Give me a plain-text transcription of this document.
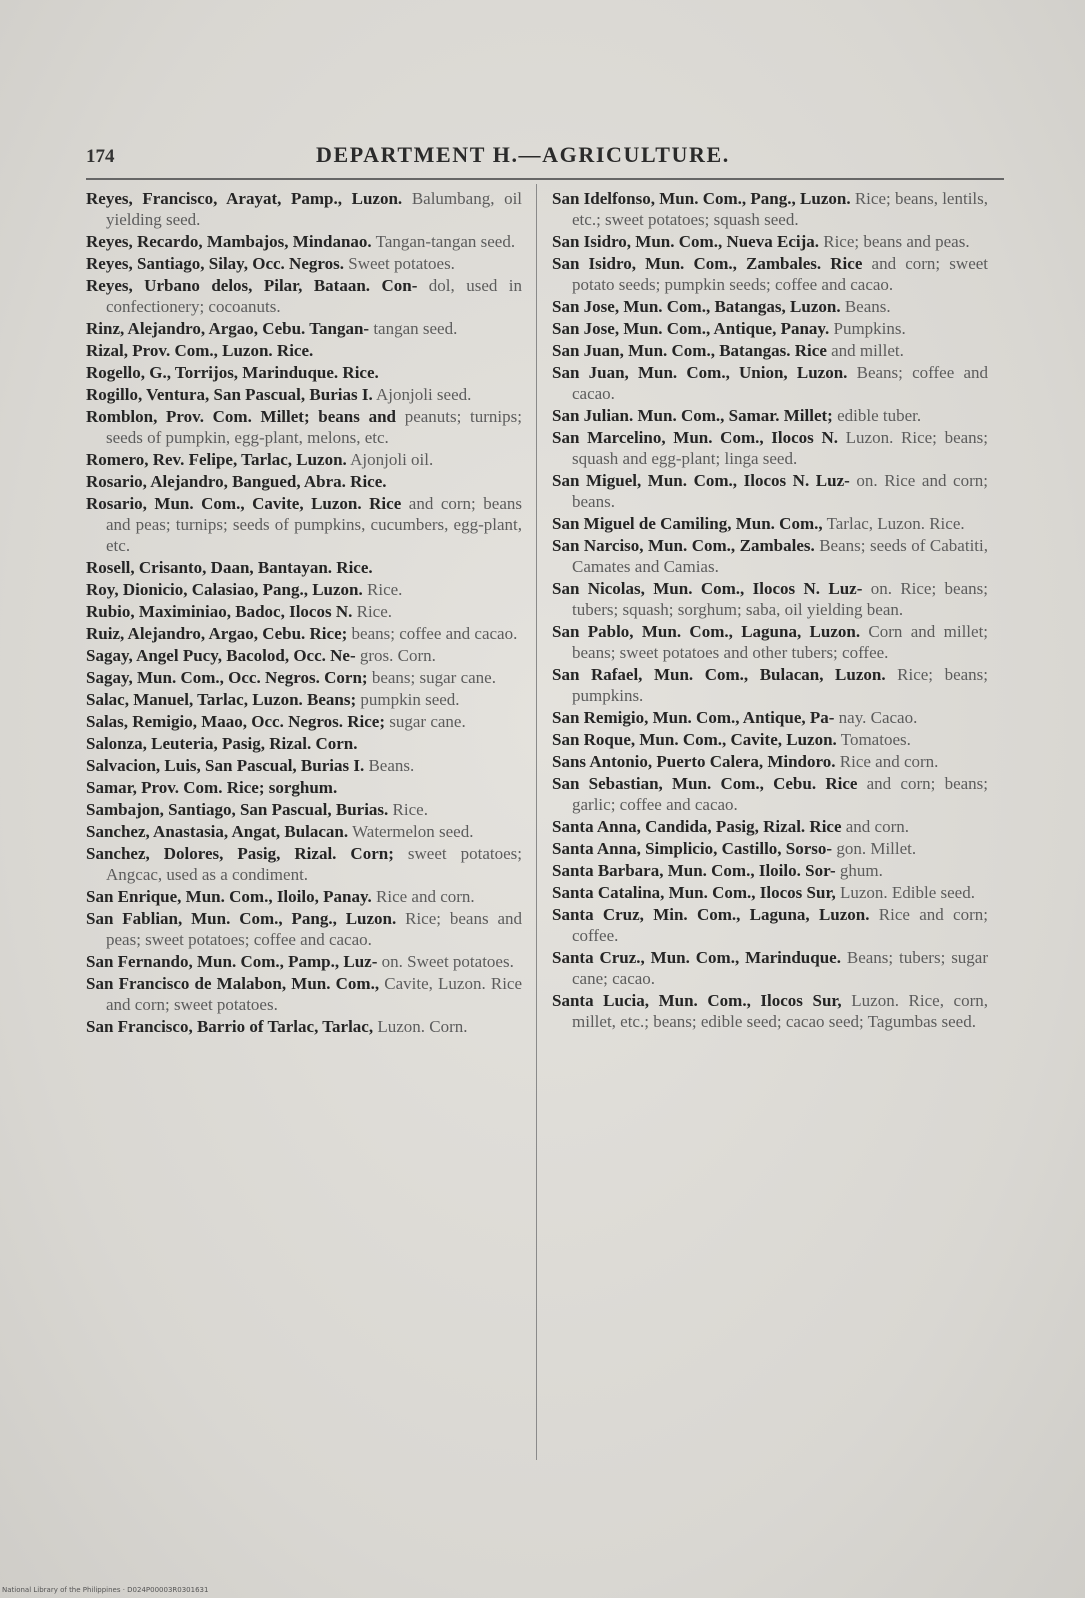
174	DEPARTMENT H.—AGRICULTURE.

Reyes, Francisco, Arayat, Pamp., Luzon. Balumbang, oil yielding seed.

Reyes, Recardo, Mambajos, Mindanao. Tangan-tangan seed.

Reyes, Santiago, Silay, Occ. Negros. Sweet potatoes.

Reyes, Urbano delos, Pilar, Bataan. Con- dol, used in confectionery; cocoanuts.

Rinz, Alejandro, Argao, Cebu. Tangan- tangan seed.

Rizal, Prov. Com., Luzon. Rice.

Rogello, G., Torrijos, Marinduque. Rice.

Rogillo, Ventura, San Pascual, Burias I. Ajonjoli seed.

Romblon, Prov. Com. Millet; beans and peanuts; turnips; seeds of pumpkin, egg-plant, melons, etc.

Romero, Rev. Felipe, Tarlac, Luzon. Ajonjoli oil.

Rosario, Alejandro, Bangued, Abra. Rice.

Rosario, Mun. Com., Cavite, Luzon. Rice and corn; beans and peas; turnips; seeds of pumpkins, cucumbers, egg-plant, etc.

Rosell, Crisanto, Daan, Bantayan. Rice.

Roy, Dionicio, Calasiao, Pang., Luzon. Rice.

Rubio, Maximiniao, Badoc, Ilocos N. Rice.

Ruiz, Alejandro, Argao, Cebu. Rice; beans; coffee and cacao.

Sagay, Angel Pucy, Bacolod, Occ. Ne- gros. Corn.

Sagay, Mun. Com., Occ. Negros. Corn; beans; sugar cane.

Salac, Manuel, Tarlac, Luzon. Beans; pumpkin seed.

Salas, Remigio, Maao, Occ. Negros. Rice; sugar cane.

Salonza, Leuteria, Pasig, Rizal. Corn.

Salvacion, Luis, San Pascual, Burias I. Beans.

Samar, Prov. Com. Rice; sorghum.

Sambajon, Santiago, San Pascual, Burias. Rice.

Sanchez, Anastasia, Angat, Bulacan. Watermelon seed.

Sanchez, Dolores, Pasig, Rizal. Corn; sweet potatoes; Angcac, used as a condiment.

San Enrique, Mun. Com., Iloilo, Panay. Rice and corn.

San Fablian, Mun. Com., Pang., Luzon. Rice; beans and peas; sweet potatoes; coffee and cacao.

San Fernando, Mun. Com., Pamp., Luz- on. Sweet potatoes.

San Francisco de Malabon, Mun. Com., Cavite, Luzon. Rice and corn; sweet potatoes.

San Francisco, Barrio of Tarlac, Tarlac, Luzon. Corn.

San Idelfonso, Mun. Com., Pang., Luzon. Rice; beans, lentils, etc.; sweet potatoes; squash seed.

San Isidro, Mun. Com., Nueva Ecija. Rice; beans and peas.

San Isidro, Mun. Com., Zambales. Rice and corn; sweet potato seeds; pumpkin seeds; coffee and cacao.

San Jose, Mun. Com., Batangas, Luzon. Beans.

San Jose, Mun. Com., Antique, Panay. Pumpkins.

San Juan, Mun. Com., Batangas. Rice and millet.

San Juan, Mun. Com., Union, Luzon. Beans; coffee and cacao.

San Julian. Mun. Com., Samar. Millet; edible tuber.

San Marcelino, Mun. Com., Ilocos N. Luzon. Rice; beans; squash and egg-plant; linga seed.

San Miguel, Mun. Com., Ilocos N. Luz- on. Rice and corn; beans.

San Miguel de Camiling, Mun. Com., Tarlac, Luzon. Rice.

San Narciso, Mun. Com., Zambales. Beans; seeds of Cabatiti, Camates and Camias.

San Nicolas, Mun. Com., Ilocos N. Luz- on. Rice; beans; tubers; squash; sorghum; saba, oil yielding bean.

San Pablo, Mun. Com., Laguna, Luzon. Corn and millet; beans; sweet potatoes and other tubers; coffee.

San Rafael, Mun. Com., Bulacan, Luzon. Rice; beans; pumpkins.

San Remigio, Mun. Com., Antique, Pa- nay. Cacao.

San Roque, Mun. Com., Cavite, Luzon. Tomatoes.

Sans Antonio, Puerto Calera, Mindoro. Rice and corn.

San Sebastian, Mun. Com., Cebu. Rice and corn; beans; garlic; coffee and cacao.

Santa Anna, Candida, Pasig, Rizal. Rice and corn.

Santa Anna, Simplicio, Castillo, Sorso- gon. Millet.

Santa Barbara, Mun. Com., Iloilo. Sor- ghum.

Santa Catalina, Mun. Com., Ilocos Sur, Luzon. Edible seed.

Santa Cruz, Min. Com., Laguna, Luzon. Rice and corn; coffee.

Santa Cruz., Mun. Com., Marinduque. Beans; tubers; sugar cane; cacao.

Santa Lucia, Mun. Com., Ilocos Sur, Luzon. Rice, corn, millet, etc.; beans; edible seed; cacao seed; Tagumbas seed.

National Library of the Philippines · D024P00003R0301631
